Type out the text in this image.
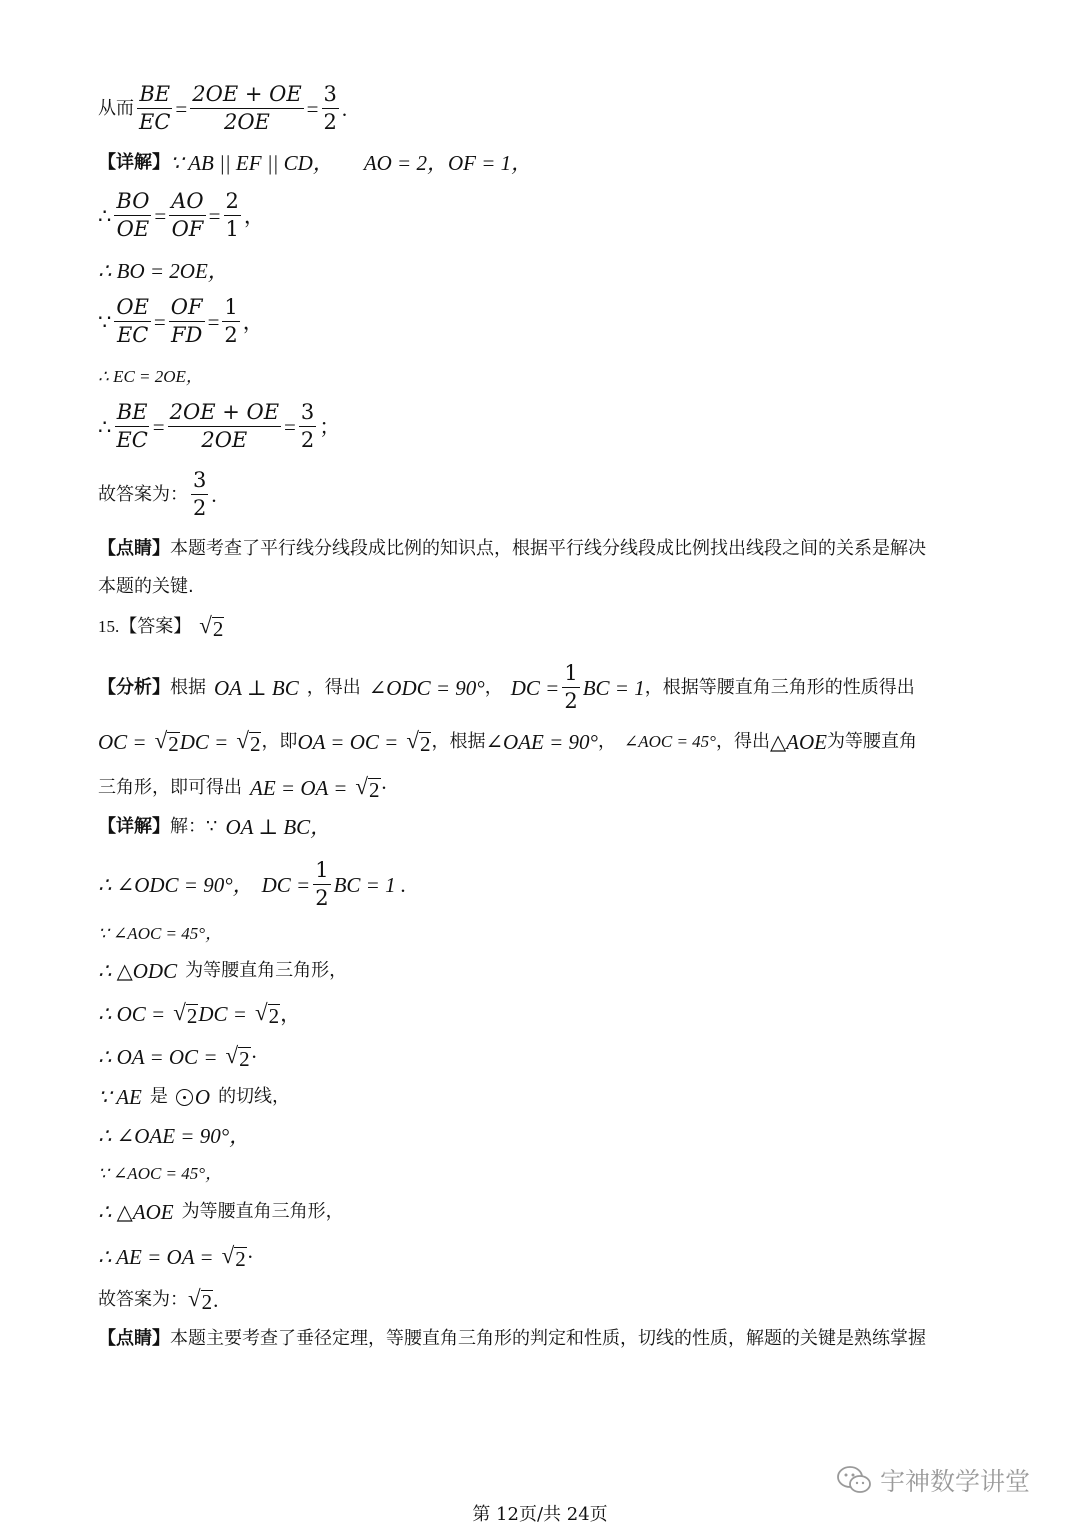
从而 $\frac{BE}{EC} = \frac{2OE + OE}{2OE} = \frac{3}{2}$ .
【详解】 ∵ AB || EF || CD， AO = 2，OF = 1，
∴ $\frac{BO}{OE} = \frac{AO}{OF} = \frac{2}{1}$ ，
∴ BO = 2OE，
∵ $\frac{OE}{EC} = \frac{OF}{FD} = \frac{1}{2}$ ，
∴ EC = 2OE，
∴ $\frac{BE}{EC} = \frac{2OE + OE}{2OE} = \frac{3}{2}$ ；
故答案为： $\frac{3}{2}$ .
【点睛】 本题考查了平行线分线段成比例的知识点，根据平行线分线段成比例找出线段之间的关系是解决
本题的关键.
15. 【答案】 √ 2
【分析】 根据 OA ⊥ BC ，得出 ∠ODC = 90° ， DC = $\frac{1}{2}$ BC = 1 ，根据等腰直角三角形的性质得出
OC = √ 2 DC = √ 2 ，即 OA = OC = √ 2 ，根据 ∠OAE = 90° ， ∠AOC = 45° ，得出 △AOE 为等腰直角
三角形，即可得出 AE = OA = √ 2 ·
【详解】 解：∵ OA ⊥ BC，
∴ ∠ODC = 90°， DC = $\frac{1}{2}$ BC = 1 .
∵ ∠AOC = 45°，
∴ △ODC 为等腰直角三角形，
∴ OC = √ 2 DC = √ 2 ，
∴ OA = OC = √ 2 ·
∵ AE 是 O 的切线，
∴ ∠OAE = 90°，
∵ ∠AOC = 45°，
∴ △AOE 为等腰直角三角形，
∴ AE = OA = √ 2 ·
故答案为： √ 2 .
【点睛】 本题主要考查了垂径定理，等腰直角三角形的判定和性质，切线的性质，解题的关键是熟练掌握
宇神数学讲堂
第 12页/共 24页
